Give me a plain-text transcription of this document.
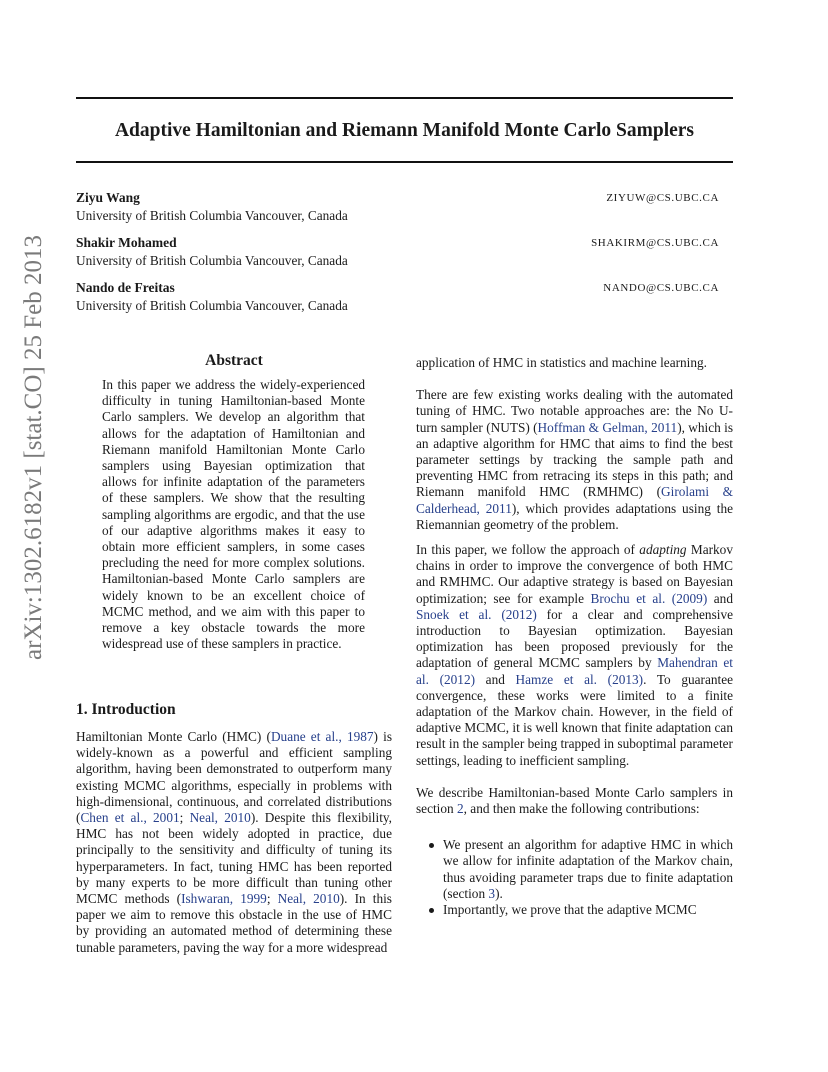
Adaptive Hamiltonian and Riemann Manifold Monte Carlo Samplers
Ziyu Wang
University of British Columbia Vancouver, Canada
ZIYUW@CS.UBC.CA
Shakir Mohamed
University of British Columbia Vancouver, Canada
SHAKIRM@CS.UBC.CA
Nando de Freitas
University of British Columbia Vancouver, Canada
NANDO@CS.UBC.CA
arXiv:1302.6182v1 [stat.CO] 25 Feb 2013	Abstract
In this paper we address the widely-experienced difficulty in tuning Hamiltonian-based Monte Carlo samplers. We develop an algorithm that allows for the adaptation of Hamiltonian and Riemann manifold Hamiltonian Monte Carlo samplers using Bayesian optimization that allows for infinite adaptation of the parameters of these samplers. We show that the resulting sampling algorithms are ergodic, and that the use of our adaptive algorithms makes it easy to obtain more efficient samplers, in some cases precluding the need for more complex solutions. Hamiltonian-based Monte Carlo samplers are widely known to be an excellent choice of MCMC method, and we aim with this paper to remove a key obstacle towards the more widespread use of these samplers in practice.
1. Introduction

Hamiltonian Monte Carlo (HMC) (Duane et al., 1987) is widely-known as a powerful and efficient sampling algorithm, having been demonstrated to outperform many existing MCMC algorithms, especially in problems with high-dimensional, continuous, and correlated distributions (Chen et al., 2001; Neal, 2010). Despite this flexibility, HMC has not been widely adopted in practice, due principally to the sensitivity and difficulty of tuning its hyperparameters. In fact, tuning HMC has been reported by many experts to be more difficult than tuning other MCMC methods (Ishwaran, 1999; Neal, 2010). In this paper we aim to remove this obstacle in the use of HMC by providing an automated method of determining these tunable parameters, paving the way for a more widespread

application of HMC in statistics and machine learning.

There are few existing works dealing with the automated tuning of HMC. Two notable approaches are: the No U-turn sampler (NUTS) (Hoffman & Gelman, 2011), which is an adaptive algorithm for HMC that aims to find the best parameter settings by tracking the sample path and preventing HMC from retracing its steps in this path; and Riemann manifold HMC (RMHMC) (Girolami & Calderhead, 2011), which provides adaptations using the Riemannian geometry of the problem.

In this paper, we follow the approach of adapting Markov chains in order to improve the convergence of both HMC and RMHMC. Our adaptive strategy is based on Bayesian optimization; see for example Brochu et al. (2009) and Snoek et al. (2012) for a clear and comprehensive introduction to Bayesian optimization. Bayesian optimization has been proposed previously for the adaptation of general MCMC samplers by Mahendran et al. (2012) and Hamze et al. (2013). To guarantee convergence, these works were limited to a finite adaptation of the Markov chain. However, in the field of adaptive MCMC, it is well known that finite adaptation can result in the sampler being trapped in suboptimal parameter settings, leading to inefficient sampling.

We describe Hamiltonian-based Monte Carlo samplers in section 2, and then make the following contributions:

We present an algorithm for adaptive HMC in which we allow for infinite adaptation of the Markov chain, thus avoiding parameter traps due to finite adaptation (section 3).
Importantly, we prove that the adaptive MCMC
